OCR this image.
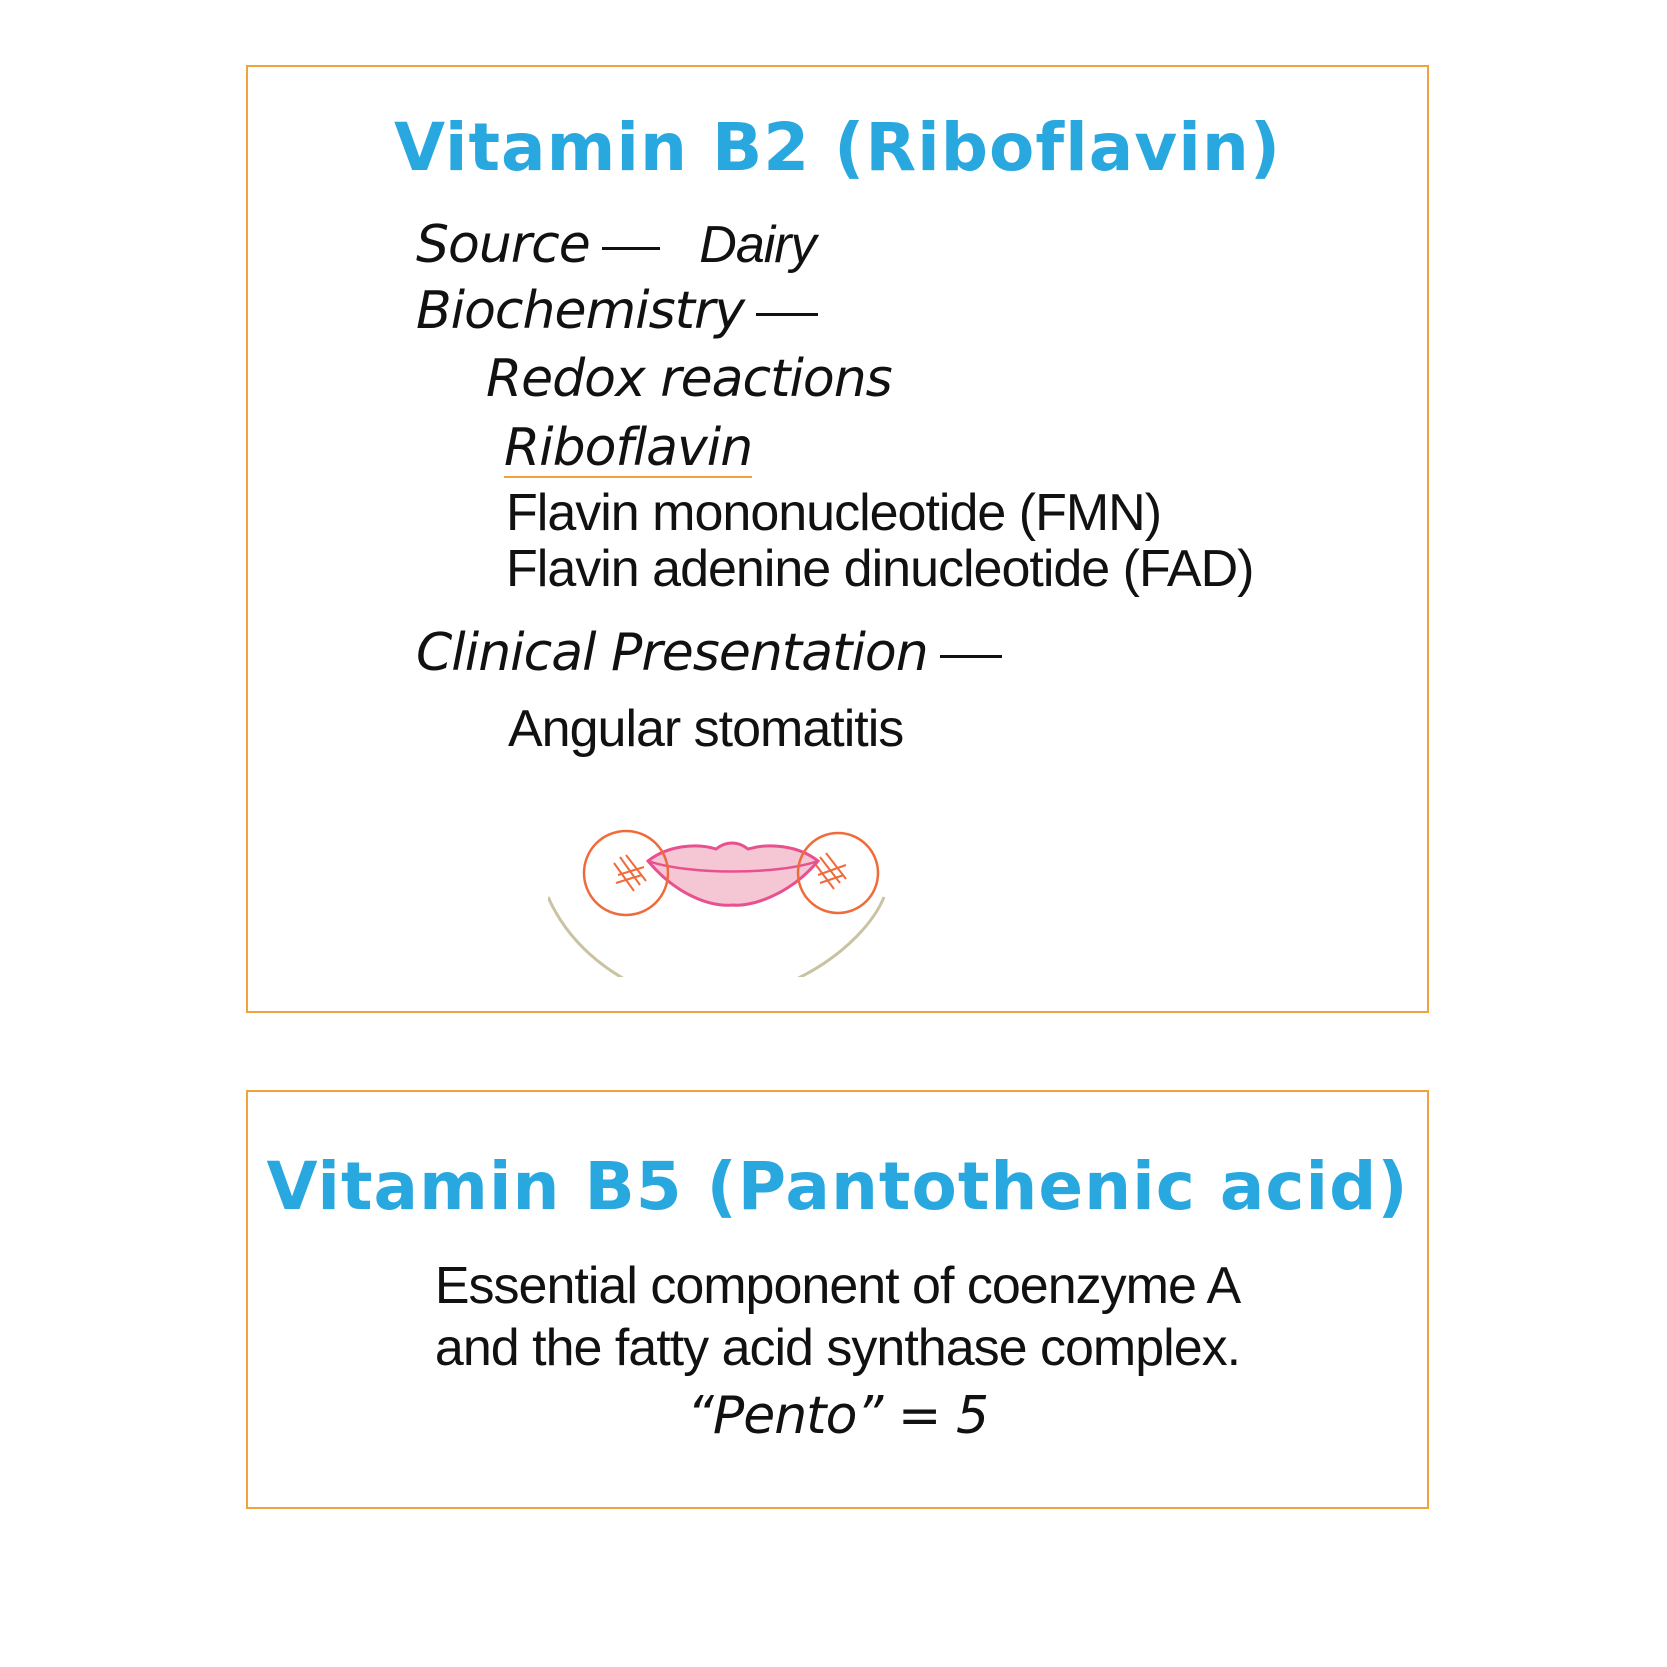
Vitamin B2 (Riboflavin)
Source Dairy
Biochemistry
Redox reactions
Riboflavin
Flavin mononucleotide (FMN)
Flavin adenine dinucleotide (FAD)
Clinical Presentation
Angular stomatitis
Vitamin B5 (Pantothenic acid)
Essential component of coenzyme A
and the fatty acid synthase complex.
“Pento” = 5
